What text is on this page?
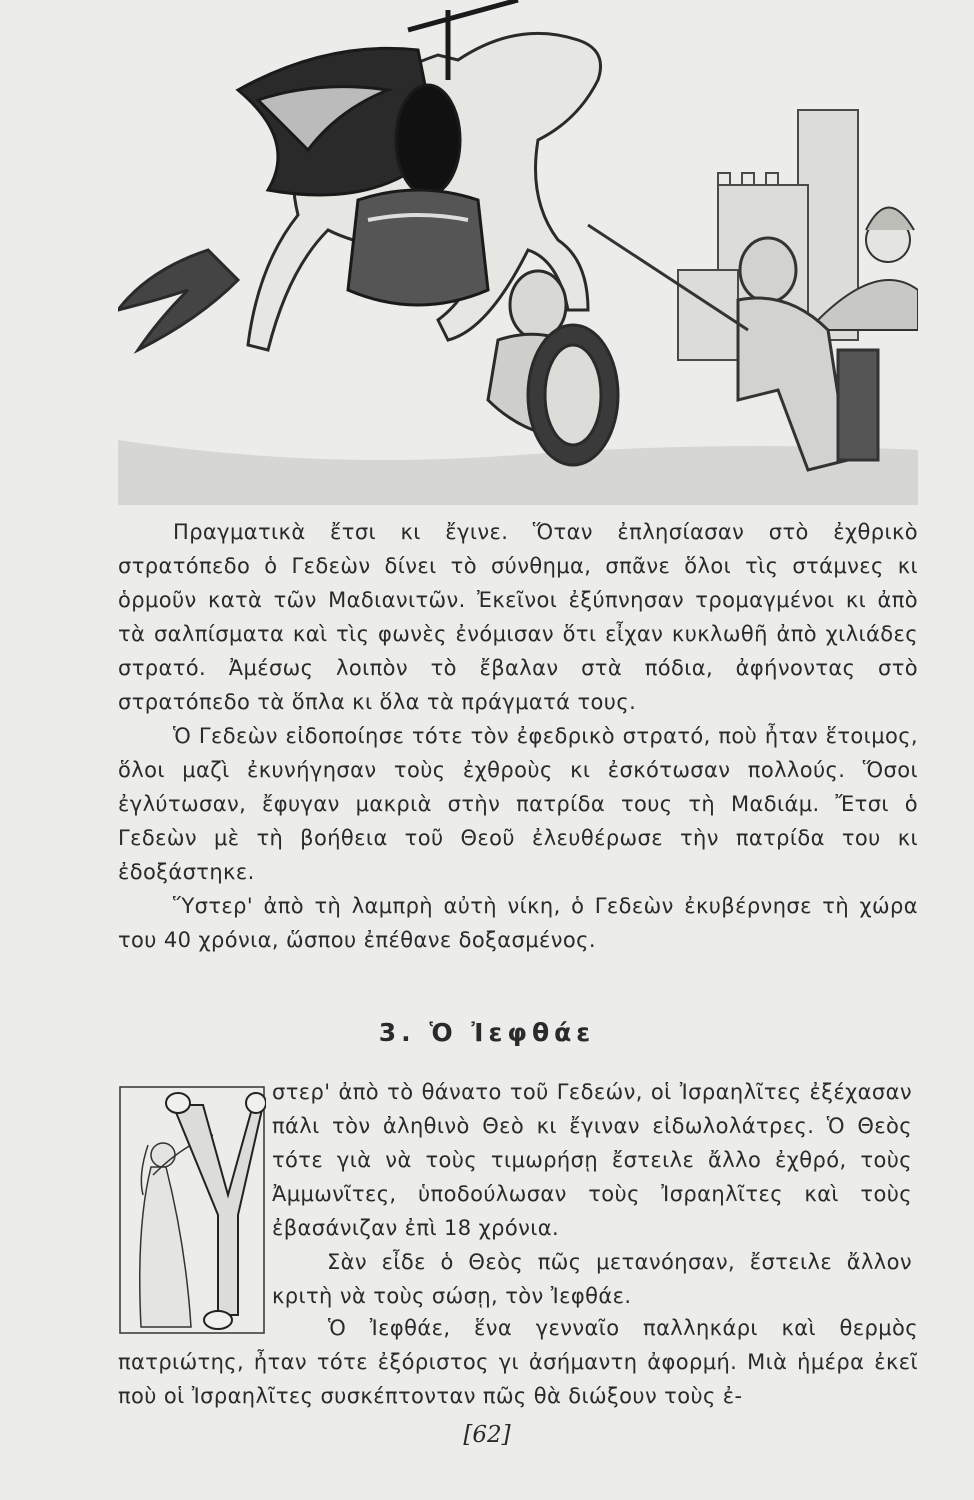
Πραγματικὰ ἔτσι κι ἔγινε. Ὅταν ἐπλησίασαν στὸ ἐχθρικὸ στρατόπεδο ὁ Γεδεὼν δίνει τὸ σύνθημα, σπᾶνε ὅλοι τὶς στάμνες κι ὁρμοῦν κατὰ τῶν Μαδιανιτῶν. Ἐκεῖνοι ἐξύπνησαν τρομαγμένοι κι ἀπὸ τὰ σαλπίσματα καὶ τὶς φωνὲς ἐνόμισαν ὅτι εἶχαν κυκλωθῆ ἀπὸ χιλιάδες στρατό. Ἀμέσως λοιπὸν τὸ ἔβαλαν στὰ πόδια, ἀφήνοντας στὸ στρατόπεδο τὰ ὅπλα κι ὅλα τὰ πράγματά τους.

Ὁ Γεδεὼν εἰδοποίησε τότε τὸν ἐφεδρικὸ στρατό, ποὺ ἦταν ἕτοιμος, ὅλοι μαζὶ ἐκυνήγησαν τοὺς ἐχθροὺς κι ἐσκότωσαν πολλούς. Ὅσοι ἐγλύτωσαν, ἔφυγαν μακριὰ στὴν πατρίδα τους τὴ Μαδιάμ. Ἔτσι ὁ Γεδεὼν μὲ τὴ βοήθεια τοῦ Θεοῦ ἐλευθέρωσε τὴν πατρίδα του κι ἐδοξάστηκε.

Ὕστερ' ἀπὸ τὴ λαμπρὴ αὐτὴ νίκη, ὁ Γεδεὼν ἐκυβέρνησε τὴ χώρα του 40 χρόνια, ὥσπου ἐπέθανε δοξασμένος.

3. Ὁ Ἰεφθάε
Y

στερ' ἀπὸ τὸ θάνατο τοῦ Γεδεών, οἱ Ἰσραηλῖτες ἐξέχασαν πάλι τὸν ἀληθινὸ Θεὸ κι ἔγιναν εἰδωλολάτρες. Ὁ Θεὸς τότε γιὰ νὰ τοὺς τιμωρήσῃ ἔστειλε ἄλλο ἐχθρό, τοὺς Ἀμμωνῖτες, ὑποδούλωσαν τοὺς Ἰσραηλῖτες καὶ τοὺς ἐβασάνιζαν ἐπὶ 18 χρόνια.

Σὰν εἶδε ὁ Θεὸς πῶς μετανόησαν, ἔστειλε ἄλλον κριτὴ νὰ τοὺς σώσῃ, τὸν Ἰεφθάε.

Ὁ Ἰεφθάε, ἕνα γενναῖο παλληκάρι καὶ θερμὸς πατριώτης, ἦταν τότε ἐξόριστος γι ἀσήμαντη ἀφορμή. Μιὰ ἡμέρα ἐκεῖ ποὺ οἱ Ἰσραηλῖτες συσκέπτονταν πῶς θὰ διώξουν τοὺς ἐ-

[62]
